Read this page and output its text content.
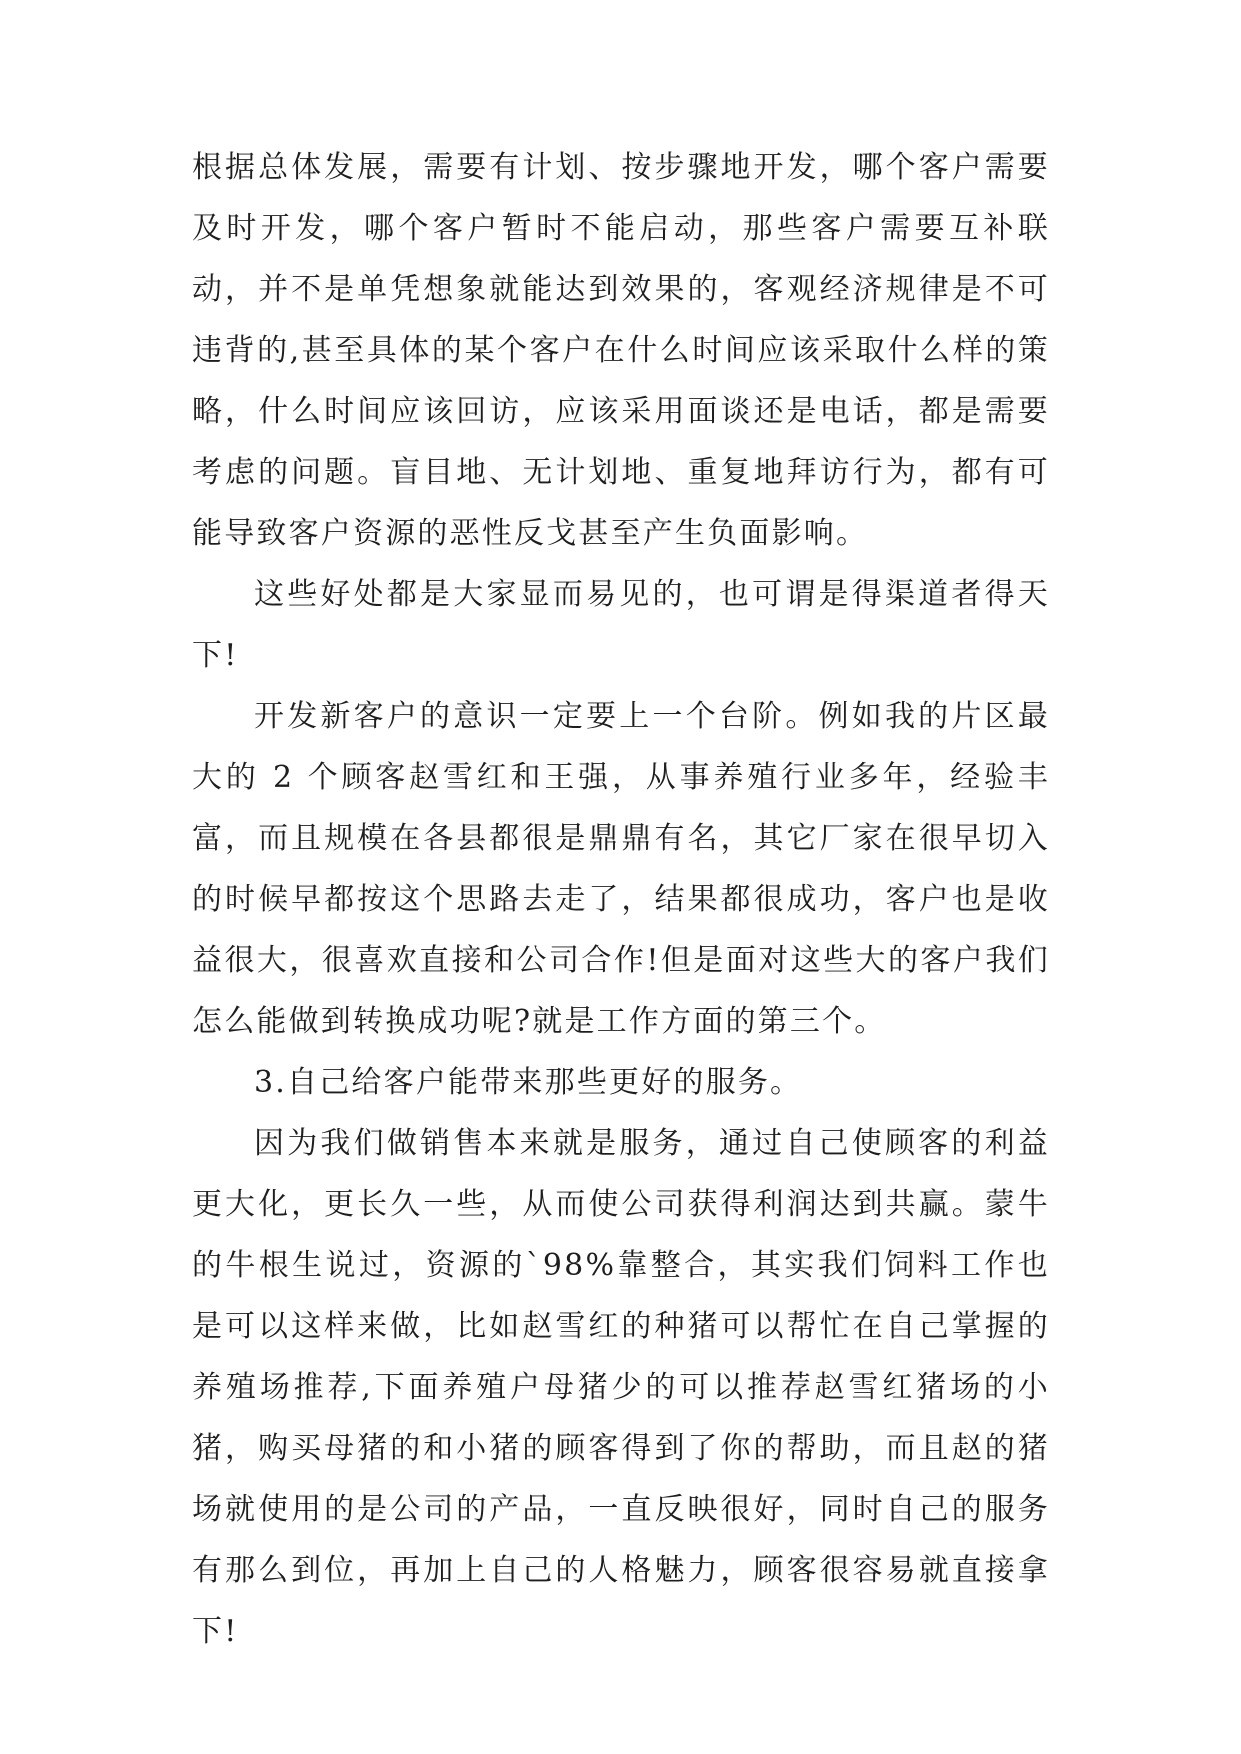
根据总体发展，需要有计划、按步骤地开发，哪个客户需要及时开发，哪个客户暂时不能启动，那些客户需要互补联动，并不是单凭想象就能达到效果的，客观经济规律是不可违背的,甚至具体的某个客户在什么时间应该采取什么样的策略，什么时间应该回访，应该采用面谈还是电话，都是需要考虑的问题。盲目地、无计划地、重复地拜访行为，都有可能导致客户资源的恶性反戈甚至产生负面影响。

这些好处都是大家显而易见的，也可谓是得渠道者得天下!

开发新客户的意识一定要上一个台阶。例如我的片区最大的 2 个顾客赵雪红和王强，从事养殖行业多年，经验丰富，而且规模在各县都很是鼎鼎有名，其它厂家在很早切入的时候早都按这个思路去走了，结果都很成功，客户也是收益很大，很喜欢直接和公司合作!但是面对这些大的客户我们怎么能做到转换成功呢?就是工作方面的第三个。

3.自己给客户能带来那些更好的服务。

因为我们做销售本来就是服务，通过自己使顾客的利益更大化，更长久一些，从而使公司获得利润达到共赢。蒙牛的牛根生说过，资源的`98%靠整合，其实我们饲料工作也是可以这样来做，比如赵雪红的种猪可以帮忙在自己掌握的养殖场推荐,下面养殖户母猪少的可以推荐赵雪红猪场的小猪，购买母猪的和小猪的顾客得到了你的帮助，而且赵的猪场就使用的是公司的产品，一直反映很好，同时自己的服务有那么到位，再加上自己的人格魅力，顾客很容易就直接拿下!
